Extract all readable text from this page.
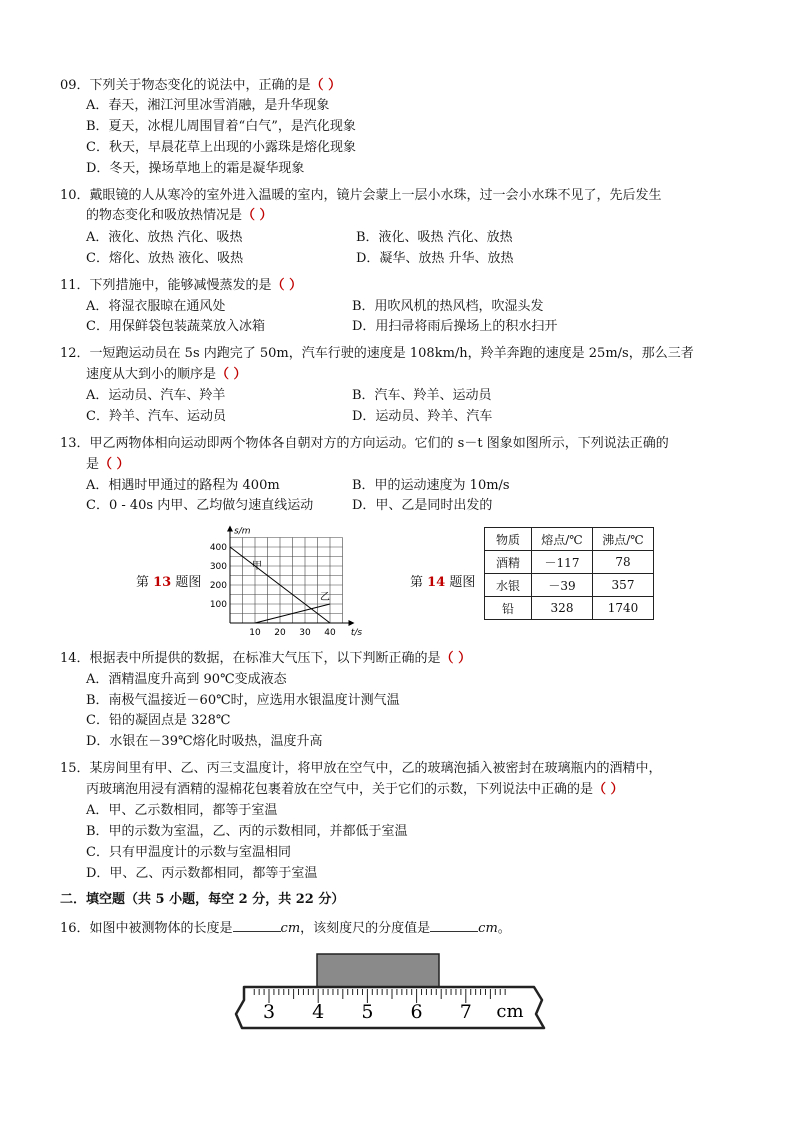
09．下列关于物态变化的说法中，正确的是（ ）
A．春天，湘江河里冰雪消融，是升华现象
B．夏天，冰棍儿周围冒着“白气”，是汽化现象
C．秋天，早晨花草上出现的小露珠是熔化现象
D．冬天，操场草地上的霜是凝华现象
10．戴眼镜的人从寒冷的室外进入温暖的室内，镜片会蒙上一层小水珠，过一会小水珠不见了，先后发生
的物态变化和吸放热情况是（ ）
A．液化、放热 汽化、吸热	B．液化、吸热 汽化、放热
C．熔化、放热 液化、吸热	D．凝华、放热 升华、放热
11．下列措施中，能够减慢蒸发的是（ ）
A．将湿衣服晾在通风处	B．用吹风机的热风档，吹湿头发
C．用保鲜袋包装蔬菜放入冰箱	D．用扫帚将雨后操场上的积水扫开
12．一短跑运动员在 5s 内跑完了 50m，汽车行驶的速度是 108km/h，羚羊奔跑的速度是 25m/s，那么三者
速度从大到小的顺序是（ ）
A．运动员、汽车、羚羊	B．汽车、羚羊、运动员
C．羚羊、汽车、运动员	D．运动员、羚羊、汽车
13．甲乙两物体相向运动即两个物体各自朝对方的方向运动。它们的 s－t 图象如图所示，下列说法正确的
是（ ）
A．相遇时甲通过的路程为 400m	B．甲的运动速度为 10m/s
C．0 - 40s 内甲、乙均做匀速直线运动	D．甲、乙是同时出发的
第 13 题图
10 20 30 40
100
200
300
400
t/s
s/m
甲
乙
第 14 题图
物质	熔点/℃	沸点/℃
酒精	－117	78
水银	－39	357
铅	328	1740
14．根据表中所提供的数据，在标准大气压下，以下判断正确的是（ ）
A．酒精温度升高到 90℃变成液态
B．南极气温接近－60℃时，应选用水银温度计测气温
C．铅的凝固点是 328℃
D．水银在－39℃熔化时吸热，温度升高
15．某房间里有甲、乙、丙三支温度计，将甲放在空气中，乙的玻璃泡插入被密封在玻璃瓶内的酒精中，
丙玻璃泡用浸有酒精的湿棉花包裹着放在空气中，关于它们的示数，下列说法中正确的是（ ）
A．甲、乙示数相同，都等于室温
B．甲的示数为室温，乙、丙的示数相同，并都低于室温
C．只有甲温度计的示数与室温相同
D．甲、乙、丙示数都相同，都等于室温
二．填空题（共 5 小题，每空 2 分，共 22 分）
16．如图中被测物体的长度是	cm，该刻度尺的分度值是	cm。
3 4 5 6 7 cm
